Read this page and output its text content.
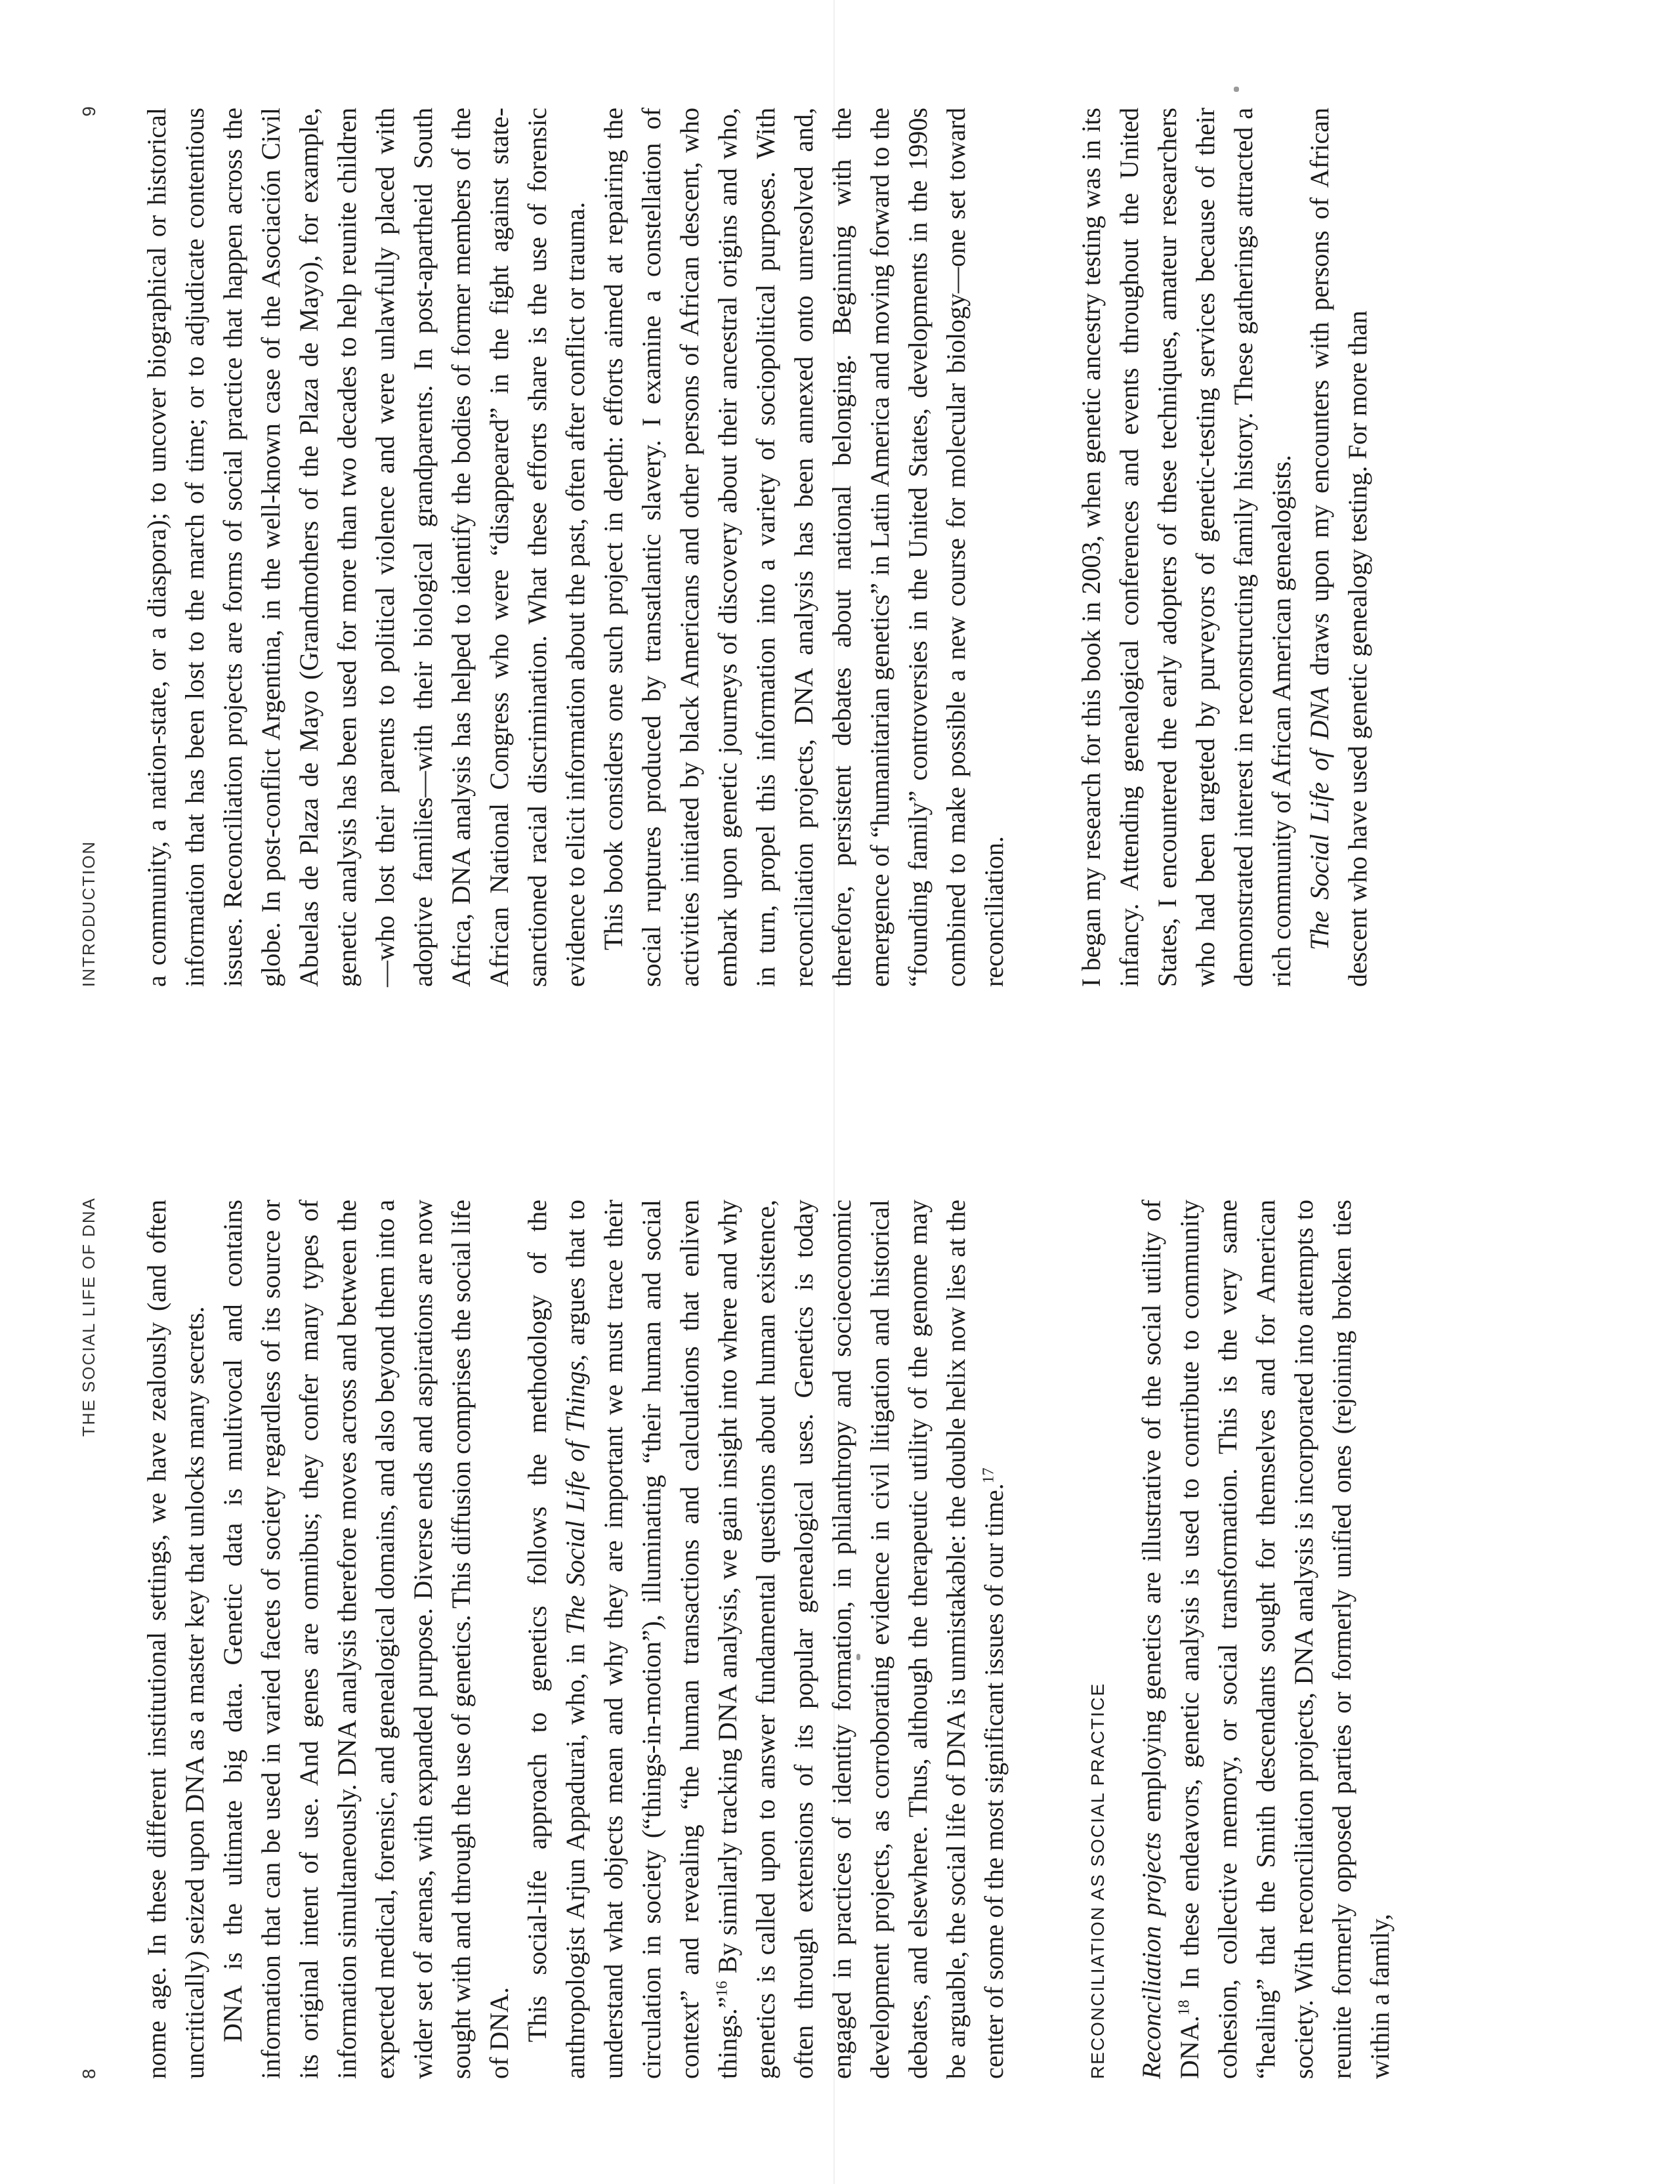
8
THE SOCIAL LIFE OF DNA nome age. In these different institutional settings, we have zealously (and often uncritically) seized upon DNA as a master key that unlocks many secrets. DNA is the ultimate big data. Genetic data is multivocal and contains information that can be used in varied facets of society regardless of its source or its original intent of use. And genes are omnibus; they confer many types of information simultaneously. DNA analysis therefore moves across and between the expected medical, forensic, and genealogical domains, and also beyond them into a wider set of arenas, with expanded purpose. Diverse ends and aspirations are now sought with and through the use of genetics. This diffusion comprises the social life of DNA. This social-life approach to genetics follows the methodology of the anthropologist Arjun Appadurai, who, in The Social Life of Things, argues that to understand what objects mean and why they are important we must trace their circulation in society (“things-in-motion”), illuminating “their human and social context” and revealing “the human transactions and calculations that enliven things.”$^{16}$ By similarly tracking DNA analysis, we gain insight into where and why genetics is called upon to answer fundamental questions about human existence, often through extensions of its popular genealogical uses. Genetics is today engaged in practices of identity formation, in philanthropy and socioeconomic development projects, as corroborating evidence in civil litigation and historical debates, and elsewhere. Thus, although the therapeutic utility of the genome may be arguable, the social life of DNA is unmistakable: the double helix now lies at the center of some of the most significant issues of our time.$^{17}$

RECONCILIATION AS SOCIAL PRACTICE	Reconciliation projects employing genetics are illustrative of the social utility of DNA.$^{18}$ In these endeavors, genetic analysis is used to contribute to community cohesion, collective memory, or social transformation. This is the very same “healing” that the Smith descendants sought for themselves and for American society. With reconciliation projects, DNA analysis is incorporated into attempts to reunite formerly opposed parties or formerly unified ones (rejoining broken ties within a family,

INTRODUCTION
9 a community, a nation-state, or a diaspora); to uncover biographical or historical information that has been lost to the march of time; or to adjudicate contentious issues. Reconciliation projects are forms of social practice that happen across the globe. In post-conflict Argentina, in the well-known case of the Asociación Civil Abuelas de Plaza de Mayo (Grandmothers of the Plaza de Mayo), for example, genetic analysis has been used for more than two decades to help reunite children—who lost their parents to political violence and were unlawfully placed with adoptive families—with their biological grandparents. In post-apartheid South Africa, DNA analysis has helped to identify the bodies of former members of the African National Congress who were “disappeared” in the fight against state-sanctioned racial discrimination. What these efforts share is the use of forensic evidence to elicit information about the past, often after conflict or trauma. This book considers one such project in depth: efforts aimed at repairing the social ruptures produced by transatlantic slavery. I examine a constellation of activities initiated by black Americans and other persons of African descent, who embark upon genetic journeys of discovery about their ancestral origins and who, in turn, propel this information into a variety of sociopolitical purposes. With reconciliation projects, DNA analysis has been annexed onto unresolved and, therefore, persistent debates about national belonging. Beginning with the emergence of “humanitarian genetics” in Latin America and moving forward to the “founding family” controversies in the United States, developments in the 1990s combined to make possible a new course for molecular biology—one set toward reconciliation.	I began my research for this book in 2003, when genetic ancestry testing was in its infancy. Attending genealogical conferences and events throughout the United States, I encountered the early adopters of these techniques, amateur researchers who had been targeted by purveyors of genetic-testing services because of their demonstrated interest in reconstructing family history. These gatherings attracted a rich community of African American genealogists. The Social Life of DNA draws upon my encounters with persons of African descent who have used genetic genealogy testing. For more than
